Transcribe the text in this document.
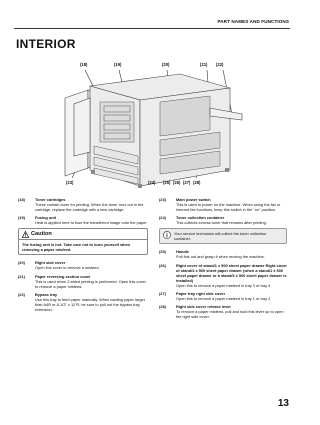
PART NAMES AND FUNCTIONS
INTERIOR
(18)	(19)	(20)	(21) (22)
(23)	(24) (25) (26) (27) (28)
(18)	Toner cartridges
These contain toner for printing. When the toner runs out in the cartridge, replace the cartridge with a new cartridge.
(19)	Fusing unit
Heat is applied here to fuse the transferred image onto the paper.
Caution
The fusing unit is hot. Take care not to burn yourself when removing a paper misfeed.
(20)	Right side cover
Open this cover to remove a misfeed.
(21)	Paper reversing section cover
This is used when 2-sided printing is performed. Open this cover to remove a paper misfeed.
(22)	Bypass tray
Use this tray to feed paper manually. When loading paper larger than A4R or 8-1/2" x 11"R, be sure to pull out the bypass tray extension.
(23)	Main power switch
This is used to power on the machine. When using the fax or Internet fax functions, keep this switch in the "on" position.
(24)	Toner collection container
This collects excess toner that remains after printing.
Your service technician will collect the toner collection container.
(25)	Handle
Pull this out and grasp it when moving the machine.
(26)	Right cover of stand/1 x 500 sheet paper drawer Right cover of stand/3 x 500 sheet paper drawer (when a stand/1 x 500 sheet paper drawer or a stand/3 x 500 sheet paper drawer is installed)
Open this to remove a paper misfeed in tray 3 or tray 4.
(27)	Paper tray right side cover
Open this to remove a paper misfeed in tray 1 or tray 2.
(28)	Right side cover release lever
To remove a paper misfeed, pull and hold this lever up to open the right side cover.
13
